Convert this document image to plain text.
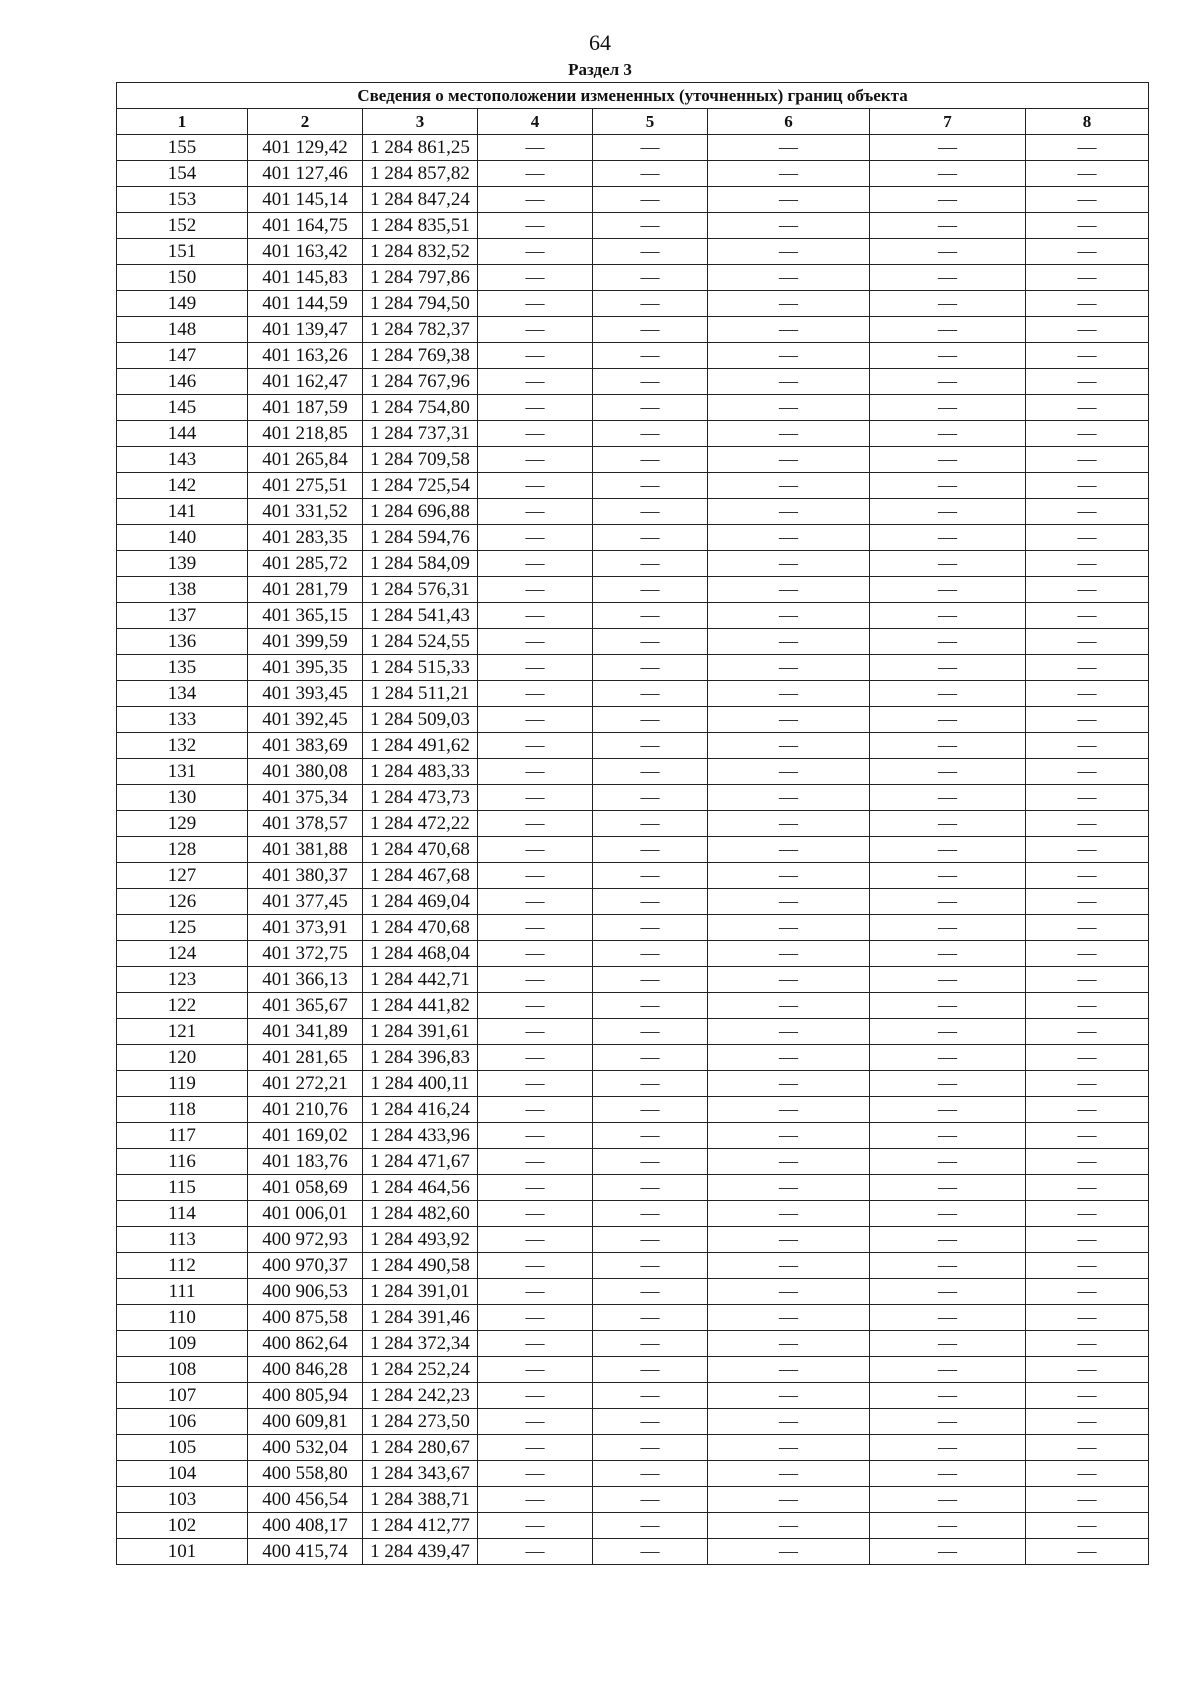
64
Раздел 3
Сведения о местоположении измененных (уточненных) границ объекта							
1	2	3	4	5	6	7	8
155	401 129,42	1 284 861,25	—	—	—	—	—
154	401 127,46	1 284 857,82	—	—	—	—	—
153	401 145,14	1 284 847,24	—	—	—	—	—
152	401 164,75	1 284 835,51	—	—	—	—	—
151	401 163,42	1 284 832,52	—	—	—	—	—
150	401 145,83	1 284 797,86	—	—	—	—	—
149	401 144,59	1 284 794,50	—	—	—	—	—
148	401 139,47	1 284 782,37	—	—	—	—	—
147	401 163,26	1 284 769,38	—	—	—	—	—
146	401 162,47	1 284 767,96	—	—	—	—	—
145	401 187,59	1 284 754,80	—	—	—	—	—
144	401 218,85	1 284 737,31	—	—	—	—	—
143	401 265,84	1 284 709,58	—	—	—	—	—
142	401 275,51	1 284 725,54	—	—	—	—	—
141	401 331,52	1 284 696,88	—	—	—	—	—
140	401 283,35	1 284 594,76	—	—	—	—	—
139	401 285,72	1 284 584,09	—	—	—	—	—
138	401 281,79	1 284 576,31	—	—	—	—	—
137	401 365,15	1 284 541,43	—	—	—	—	—
136	401 399,59	1 284 524,55	—	—	—	—	—
135	401 395,35	1 284 515,33	—	—	—	—	—
134	401 393,45	1 284 511,21	—	—	—	—	—
133	401 392,45	1 284 509,03	—	—	—	—	—
132	401 383,69	1 284 491,62	—	—	—	—	—
131	401 380,08	1 284 483,33	—	—	—	—	—
130	401 375,34	1 284 473,73	—	—	—	—	—
129	401 378,57	1 284 472,22	—	—	—	—	—
128	401 381,88	1 284 470,68	—	—	—	—	—
127	401 380,37	1 284 467,68	—	—	—	—	—
126	401 377,45	1 284 469,04	—	—	—	—	—
125	401 373,91	1 284 470,68	—	—	—	—	—
124	401 372,75	1 284 468,04	—	—	—	—	—
123	401 366,13	1 284 442,71	—	—	—	—	—
122	401 365,67	1 284 441,82	—	—	—	—	—
121	401 341,89	1 284 391,61	—	—	—	—	—
120	401 281,65	1 284 396,83	—	—	—	—	—
119	401 272,21	1 284 400,11	—	—	—	—	—
118	401 210,76	1 284 416,24	—	—	—	—	—
117	401 169,02	1 284 433,96	—	—	—	—	—
116	401 183,76	1 284 471,67	—	—	—	—	—
115	401 058,69	1 284 464,56	—	—	—	—	—
114	401 006,01	1 284 482,60	—	—	—	—	—
113	400 972,93	1 284 493,92	—	—	—	—	—
112	400 970,37	1 284 490,58	—	—	—	—	—
111	400 906,53	1 284 391,01	—	—	—	—	—
110	400 875,58	1 284 391,46	—	—	—	—	—
109	400 862,64	1 284 372,34	—	—	—	—	—
108	400 846,28	1 284 252,24	—	—	—	—	—
107	400 805,94	1 284 242,23	—	—	—	—	—
106	400 609,81	1 284 273,50	—	—	—	—	—
105	400 532,04	1 284 280,67	—	—	—	—	—
104	400 558,80	1 284 343,67	—	—	—	—	—
103	400 456,54	1 284 388,71	—	—	—	—	—
102	400 408,17	1 284 412,77	—	—	—	—	—
101	400 415,74	1 284 439,47	—	—	—	—	—
